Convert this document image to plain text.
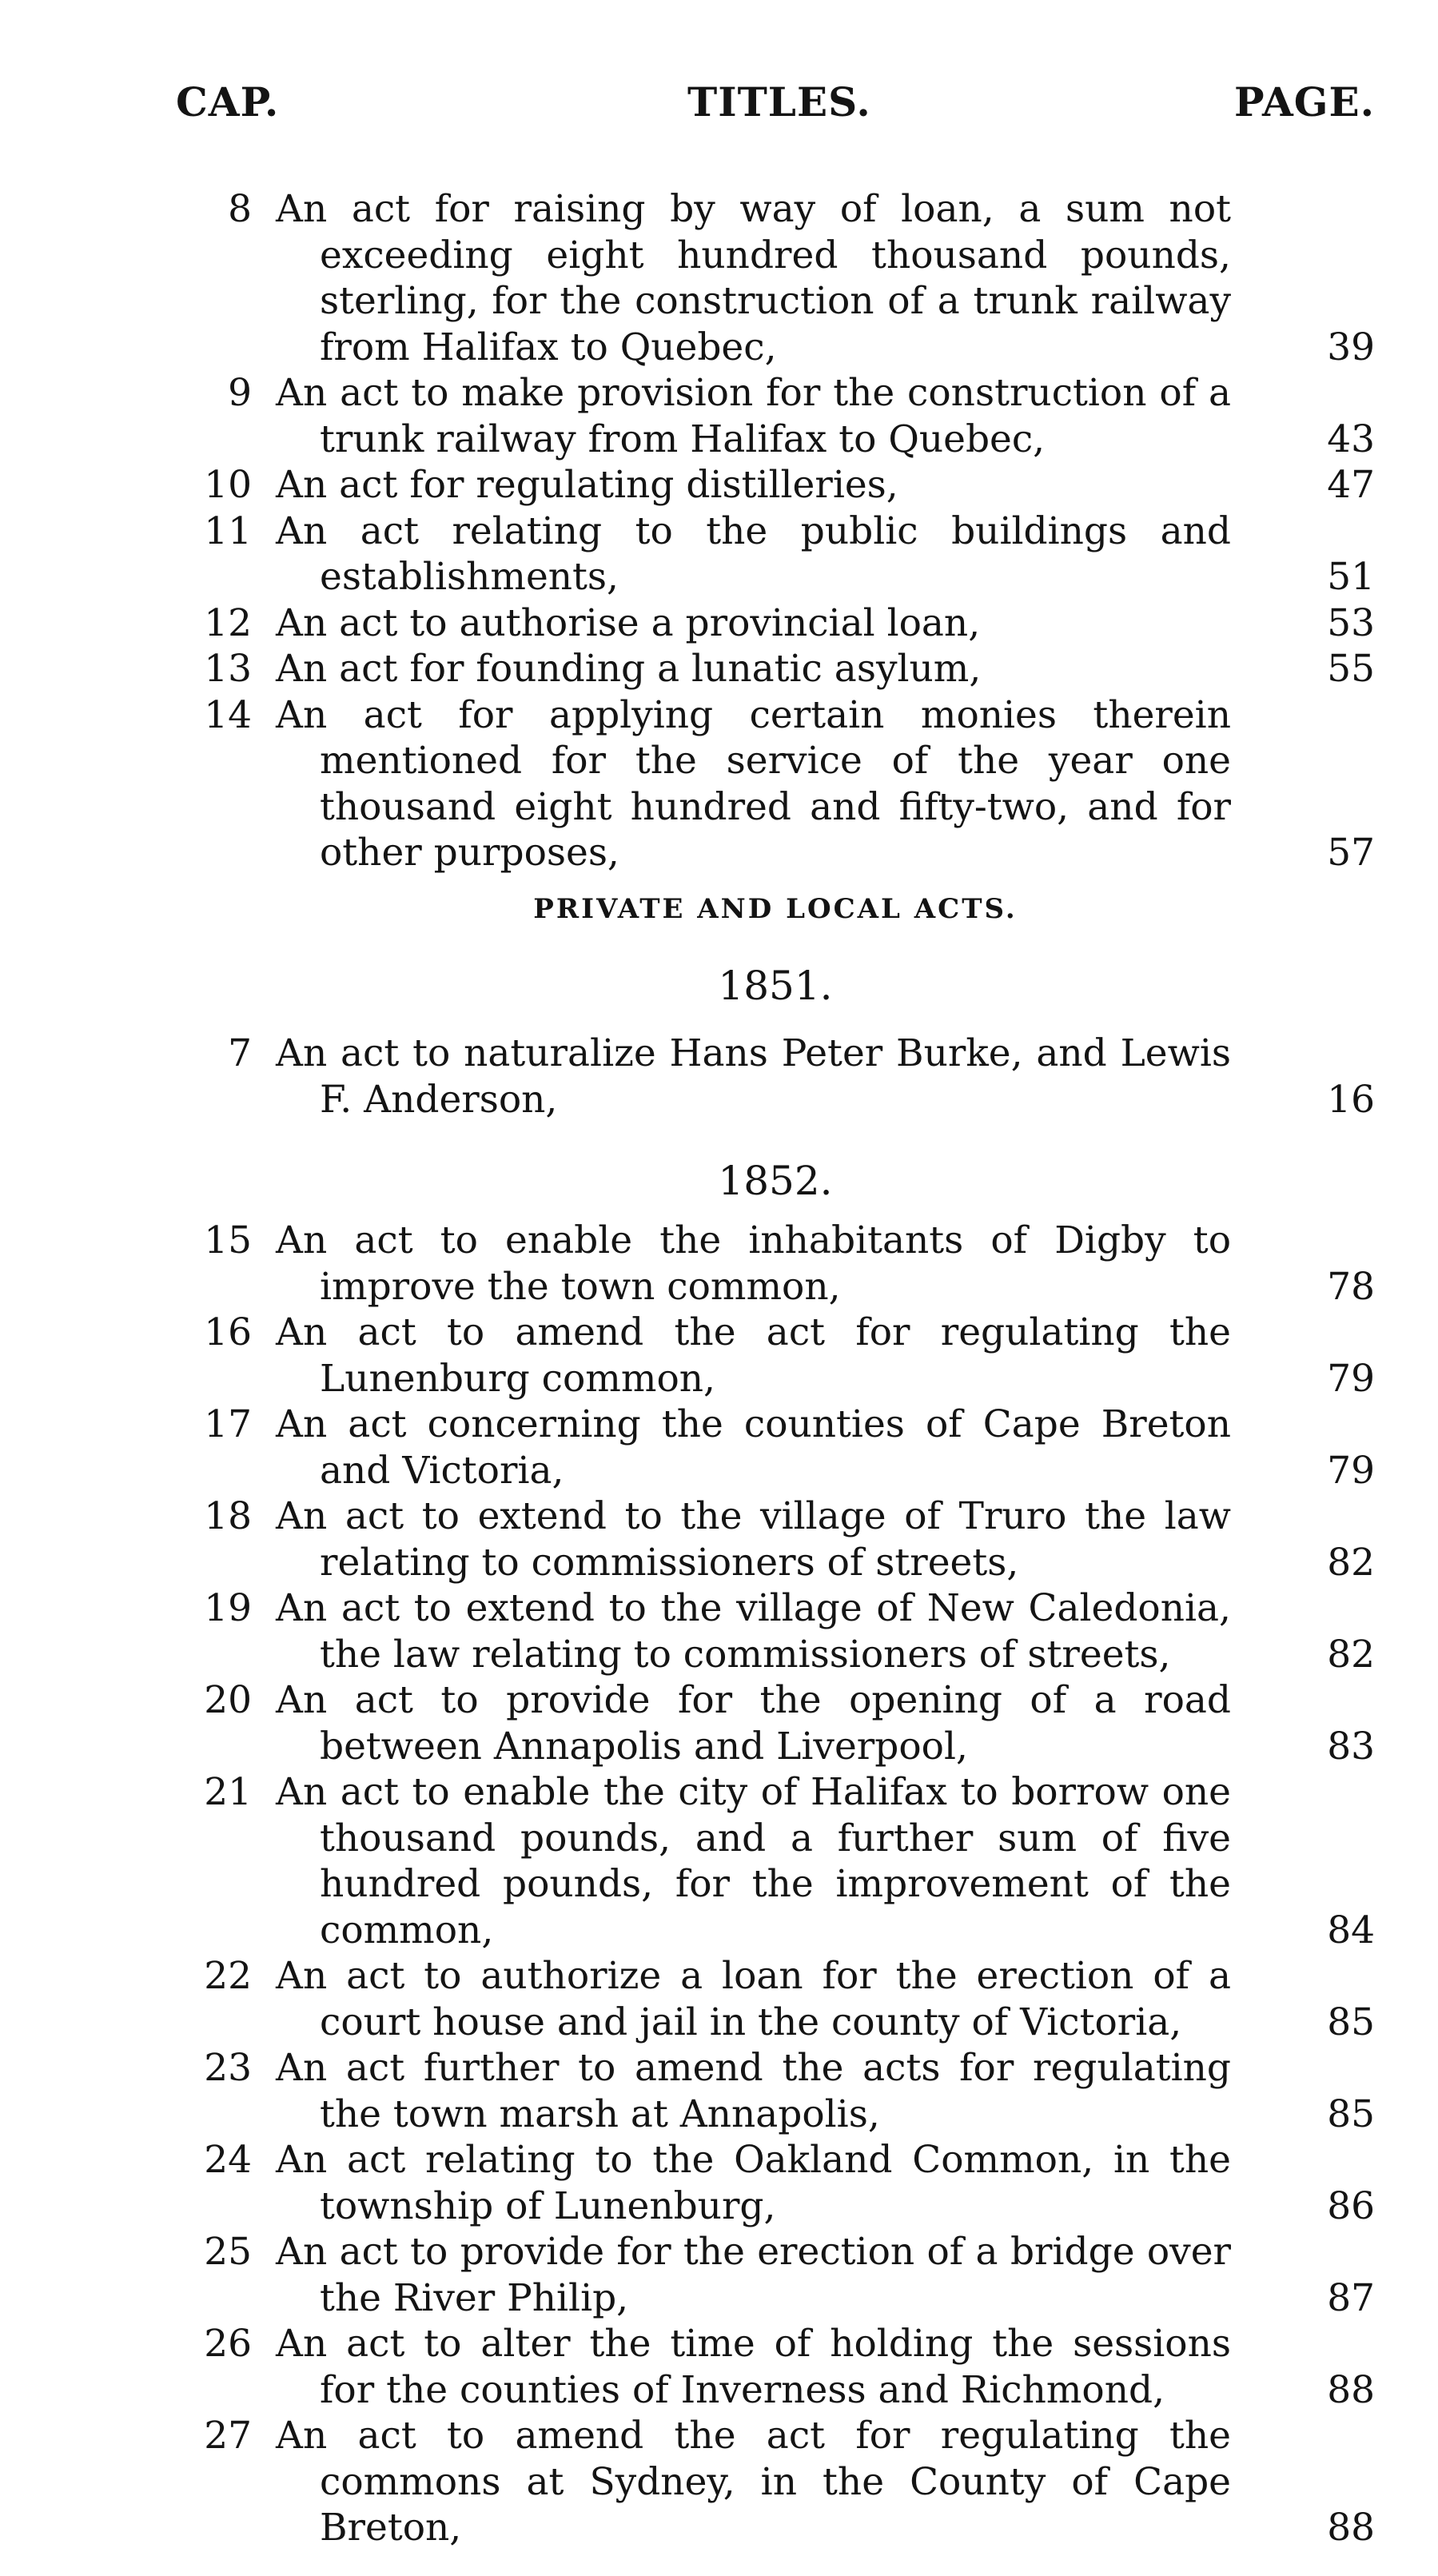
CAP.	TITLES.	PAGE.
8 An act for raising by way of loan, a sum not exceeding eight hundred thousand pounds, sterling, for the construction of a trunk railway from Halifax to Quebec,	39
9 An act to make provision for the construction of a trunk railway from Halifax to Quebec,	43
10 An act for regulating distilleries,	47
11 An act relating to the public buildings and establishments,	51
12 An act to authorise a provincial loan,	53
13 An act for founding a lunatic asylum,	55
14 An act for applying certain monies therein mentioned for the service of the year one thousand eight hundred and fifty-two, and for other purposes,	57
PRIVATE AND LOCAL ACTS.
1851.
7 An act to naturalize Hans Peter Burke, and Lewis F. Anderson,	16
1852.
15 An act to enable the inhabitants of Digby to improve the town common,	78
16 An act to amend the act for regulating the Lunenburg common,	79
17 An act concerning the counties of Cape Breton and Victoria,	79
18 An act to extend to the village of Truro the law relating to commissioners of streets,	82
19 An act to extend to the village of New Caledonia, the law relating to commissioners of streets,	82
20 An act to provide for the opening of a road between Annapolis and Liverpool,	83
21 An act to enable the city of Halifax to borrow one thousand pounds, and a further sum of five hundred pounds, for the improvement of the common,	84
22 An act to authorize a loan for the erection of a court house and jail in the county of Victoria,	85
23 An act further to amend the acts for regulating the town marsh at Annapolis,	85
24 An act relating to the Oakland Common, in the township of Lunenburg,	86
25 An act to provide for the erection of a bridge over the River Philip,	87
26 An act to alter the time of holding the sessions for the counties of Inverness and Richmond,	88
27 An act to amend the act for regulating the commons at Sydney, in the County of Cape Breton,	88
